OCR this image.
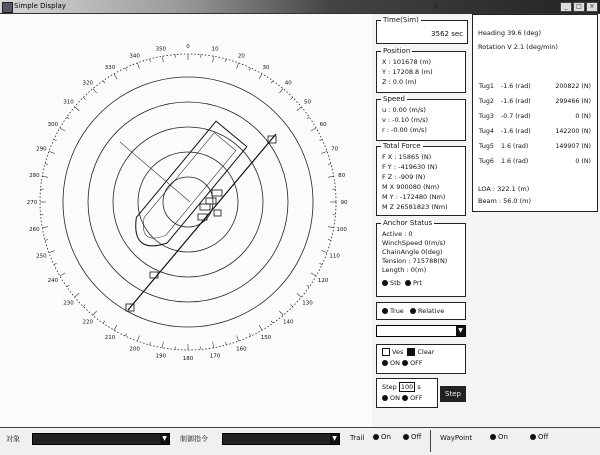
Simple Display	3	_	□	×
0	10
20
30
40
50
60
70
80
90
100
110
120
130
140
150
160
170
180
190
200
210
220
230
240
250
260
270
280
290
300
310
320
330
340
350
Time(Sim)
3562 sec
Position
X : 101678 (m)
Y : 17208.8 (m)
Z : 0.0 (m)
Speed
u : 0.00 (m/s)
v : -0.10 (m/s)
r : -0.00 (m/s)
Total Force
F X : 15865 (N)
F Y : -419630 (N)
F Z : -909 (N)
M X 900080 (Nm)
M Y : -172480 (Nm)
M Z 26581823 (Nm)
Anchor Status
Active : 0
WinchSpeed 0(m/s)
ChainAngle 0(deg)
Tension : 715788(N)
Length : 0(m)
Stb Prt
True Relative
▼
Ves Clear
ON OFF
Step 100 s
ON OFF	Step
Heading 39.6 (deg)
Rotation V 2.1 (deg/min)
Tug1 -1.6 (rad)	200822 (N)
Tug2 -1.6 (rad)	299466 (N)
Tug3 -0.7 (rad)	0 (N)
Tug4 -1.6 (rad)	142200 (N)
Tug5 1.6 (rad)	149907 (N)
Tug6 1.6 (rad)	0 (N)
LOA : 322.1 (m)
Beam : 56.0 (m)
対象	▼	制御指令	▼	Trail	On	Off	WayPoint	On	Off
